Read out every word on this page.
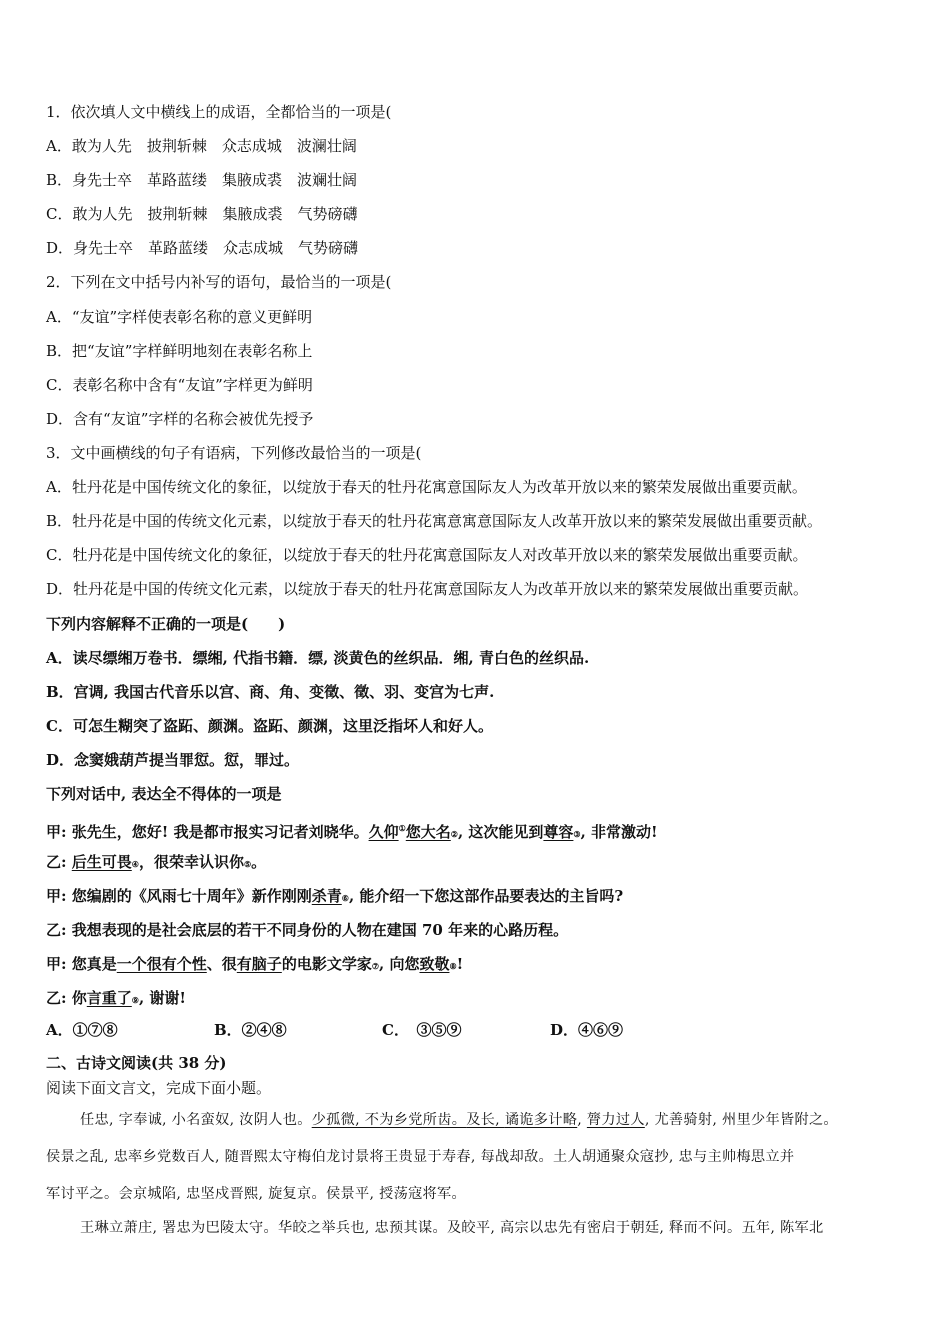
1．依次填人文中横线上的成语，全都恰当的一项是(
A．敢为人先　披荆斩棘　众志成城　波澜壮阔
B．身先士卒　革路蓝缕　集腋成裘　波斓壮阔
C．敢为人先　披荆斩棘　集腋成裘　气势磅礴
D．身先士卒　革路蓝缕　众志成城　气势磅礴
2．下列在文中括号内补写的语句，最恰当的一项是(
A．“友谊”字样使表彰名称的意义更鲜明
B．把“友谊”字样鲜明地刻在表彰名称上
C．表彰名称中含有“友谊”字样更为鲜明
D．含有“友谊”字样的名称会被优先授予
3．文中画横线的句子有语病，下列修改最恰当的一项是(
A．牡丹花是中国传统文化的象征，以绽放于春天的牡丹花寓意国际友人为改革开放以来的繁荣发展做出重要贡献。
B．牡丹花是中国的传统文化元素，以绽放于春天的牡丹花寓意寓意国际友人改革开放以来的繁荣发展做出重要贡献。
C．牡丹花是中国传统文化的象征，以绽放于春天的牡丹花寓意国际友人对改革开放以来的繁荣发展做出重要贡献。
D．牡丹花是中国的传统文化元素，以绽放于春天的牡丹花寓意国际友人为改革开放以来的繁荣发展做出重要贡献。
下列内容解释不正确的一项是(　　)
A．读尽缥缃万卷书．缥缃, 代指书籍．缥, 淡黄色的丝织品．缃, 青白色的丝织品.
B．宫调, 我国古代音乐以宫、商、角、变徵、徵、羽、变宫为七声.
C．可怎生糊突了盗跖、颜渊。盗跖、颜渊，这里泛指坏人和好人。
D．念窦娥葫芦提当罪愆。愆，罪过。
下列对话中, 表达全不得体的一项是
甲: 张先生，您好! 我是都市报实习记者刘晓华。久仰①您大名②, 这次能见到尊容③, 非常激动!
乙: 后生可畏④，很荣幸认识你⑤。
甲: 您编剧的《风雨七十周年》新作刚刚杀青⑥, 能介绍一下您这部作品要表达的主旨吗?
乙: 我想表现的是社会底层的若干不同身份的人物在建国 70 年来的心路历程。
甲: 您真是一个很有个性、很有脑子的电影文学家⑦, 向您致敬⑧!
乙: 你言重了⑨, 谢谢!
A．①⑦⑧	B．②④⑧	C．　③⑤⑨	D．④⑥⑨
二、古诗文阅读(共 38 分)
阅读下面文言文，完成下面小题。
任忠, 字奉诚, 小名蛮奴, 汝阴人也。少孤微, 不为乡党所齿。及长, 谲诡多计略, 膂力过人, 尤善骑射, 州里少年皆附之。
侯景之乱, 忠率乡党数百人, 随晋熙太守梅伯龙讨景将王贵显于寿春, 每战却敌。土人胡通聚众寇抄, 忠与主帅梅思立并
军讨平之。会京城陷, 忠坚戍晋熙, 旋复京。侯景平, 授荡寇将军。
王琳立萧庄, 署忠为巴陵太守。华皎之举兵也, 忠预其谋。及皎平, 高宗以忠先有密启于朝廷, 释而不问。五年, 陈军北
